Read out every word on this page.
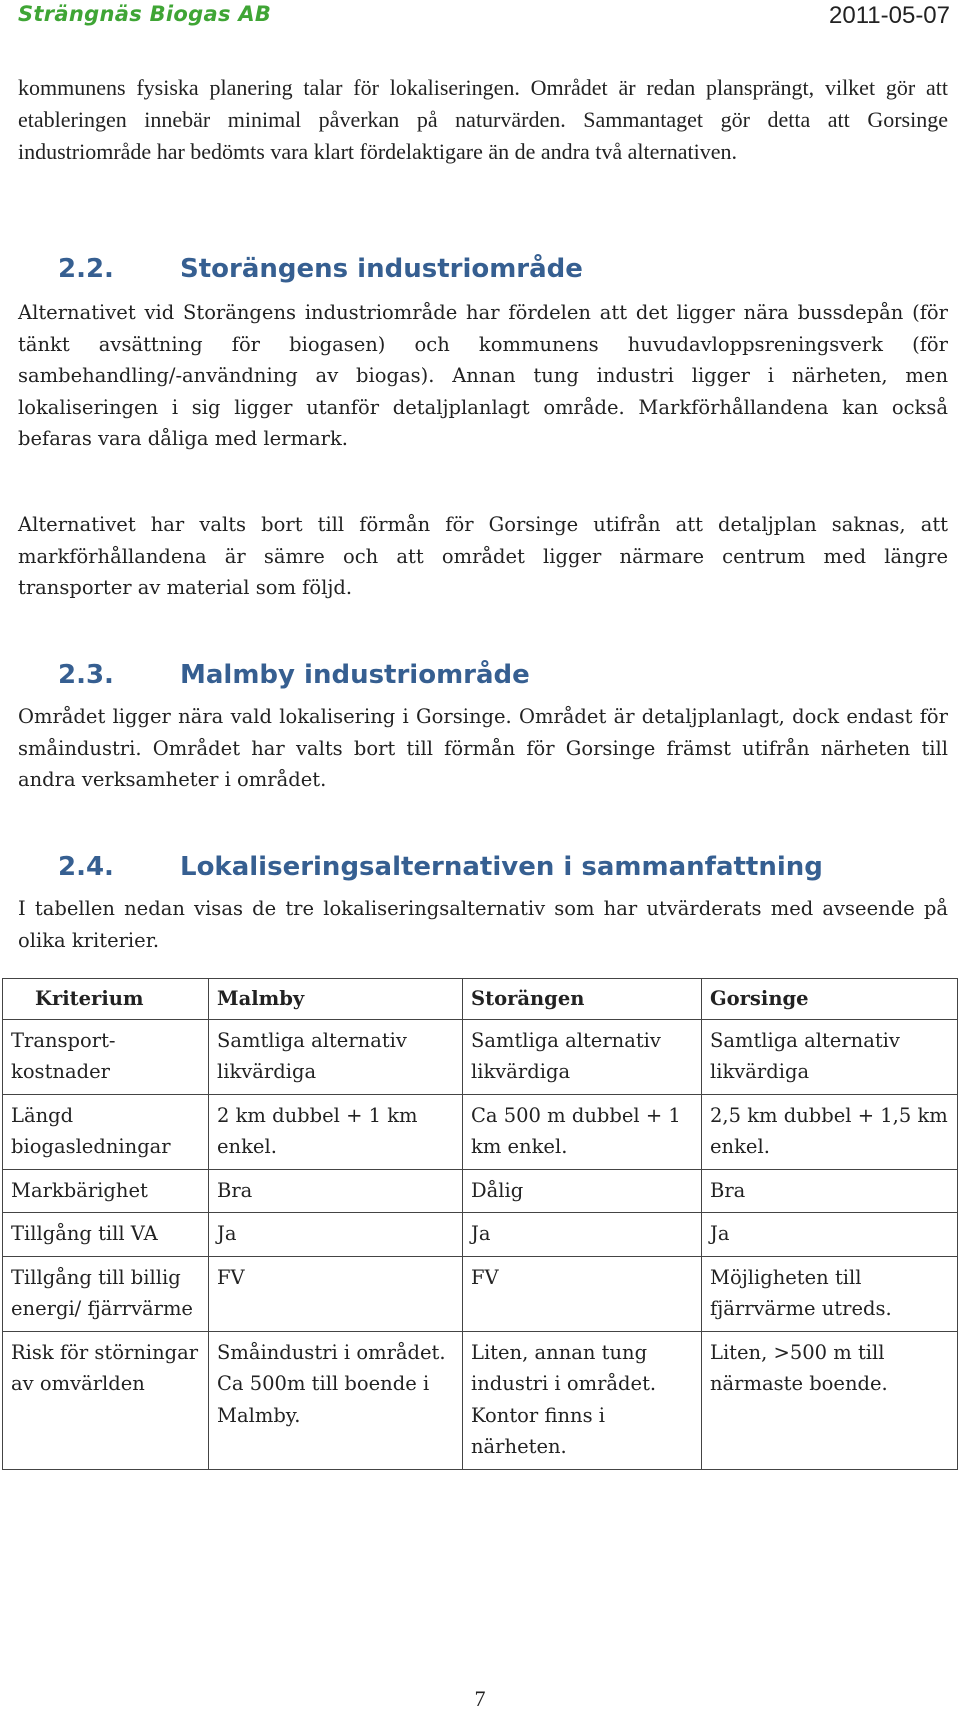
Strängnäs Biogas AB	2011-05-07

kommunens fysiska planering talar för lokaliseringen. Området är redan plansprängt, vilket gör att etableringen innebär minimal påverkan på naturvärden. Sammantaget gör detta att Gorsinge industriområde har bedömts vara klart fördelaktigare än de andra två alternativen.

2.2.	Storängens industriområde

Alternativet vid Storängens industriområde har fördelen att det ligger nära bussdepån (för tänkt avsättning för biogasen) och kommunens huvudavloppsreningsverk (för sambehandling/-användning av biogas). Annan tung industri ligger i närheten, men lokaliseringen i sig ligger utanför detaljplanlagt område. Markförhållandena kan också befaras vara dåliga med lermark.

Alternativet har valts bort till förmån för Gorsinge utifrån att detaljplan saknas, att markförhållandena är sämre och att området ligger närmare centrum med längre transporter av material som följd.

2.3.	Malmby industriområde

Området ligger nära vald lokalisering i Gorsinge. Området är detaljplanlagt, dock endast för småindustri. Området har valts bort till förmån för Gorsinge främst utifrån närheten till andra verksamheter i området.

2.4.	Lokaliseringsalternativen i sammanfattning

I tabellen nedan visas de tre lokaliseringsalternativ som har utvärderats med avseende på olika kriterier.

Kriterium	Malmby	Storängen	Gorsinge
Transport-
kostnader	Samtliga alternativ likvärdiga	Samtliga alternativ likvärdiga	Samtliga alternativ likvärdiga
Längd biogasledningar	2 km dubbel + 1 km enkel.	Ca 500 m dubbel + 1 km enkel.	2,5 km dubbel + 1,5 km enkel.
Markbärighet	Bra	Dålig	Bra
Tillgång till VA	Ja	Ja	Ja
Tillgång till billig energi/ fjärrvärme	FV	FV	Möjligheten till fjärrvärme utreds.
Risk för störningar av omvärlden	Småindustri i området. Ca 500m till boende i Malmby.	Liten, annan tung industri i området. Kontor finns i närheten.	Liten, >500 m till närmaste boende.
7
